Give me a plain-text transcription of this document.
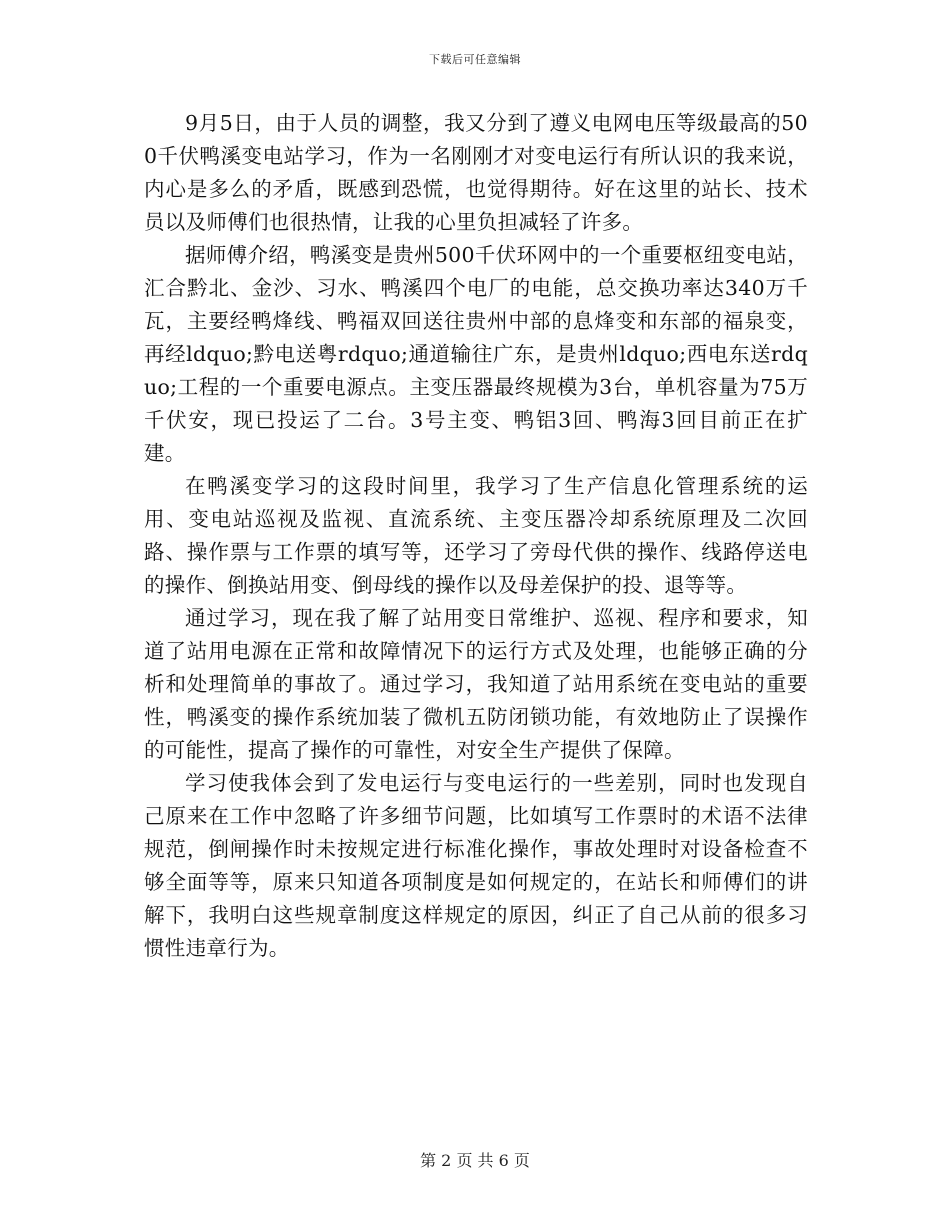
下载后可任意编辑

9月5日，由于人员的调整，我又分到了遵义电网电压等级最高的500千伏鸭溪变电站学习，作为一名刚刚才对变电运行有所认识的我来说，内心是多么的矛盾，既感到恐慌，也觉得期待。好在这里的站长、技术员以及师傅们也很热情，让我的心里负担减轻了许多。

据师傅介绍，鸭溪变是贵州500千伏环网中的一个重要枢纽变电站，汇合黔北、金沙、习水、鸭溪四个电厂的电能，总交换功率达340万千瓦，主要经鸭烽线、鸭福双回送往贵州中部的息烽变和东部的福泉变，再经ldquo;黔电送粤rdquo;通道输往广东，是贵州ldquo;西电东送rdquo;工程的一个重要电源点。主变压器最终规模为3台，单机容量为75万千伏安，现已投运了二台。3号主变、鸭铝3回、鸭海3回目前正在扩建。

在鸭溪变学习的这段时间里，我学习了生产信息化管理系统的运用、变电站巡视及监视、直流系统、主变压器冷却系统原理及二次回路、操作票与工作票的填写等，还学习了旁母代供的操作、线路停送电的操作、倒换站用变、倒母线的操作以及母差保护的投、退等等。

通过学习，现在我了解了站用变日常维护、巡视、程序和要求，知道了站用电源在正常和故障情况下的运行方式及处理，也能够正确的分析和处理简单的事故了。通过学习，我知道了站用系统在变电站的重要性，鸭溪变的操作系统加装了微机五防闭锁功能，有效地防止了误操作的可能性，提高了操作的可靠性，对安全生产提供了保障。

学习使我体会到了发电运行与变电运行的一些差别，同时也发现自己原来在工作中忽略了许多细节问题，比如填写工作票时的术语不法律规范，倒闸操作时未按规定进行标准化操作，事故处理时对设备检查不够全面等等，原来只知道各项制度是如何规定的，在站长和师傅们的讲解下，我明白这些规章制度这样规定的原因，纠正了自己从前的很多习惯性违章行为。

第 2 页 共 6 页
